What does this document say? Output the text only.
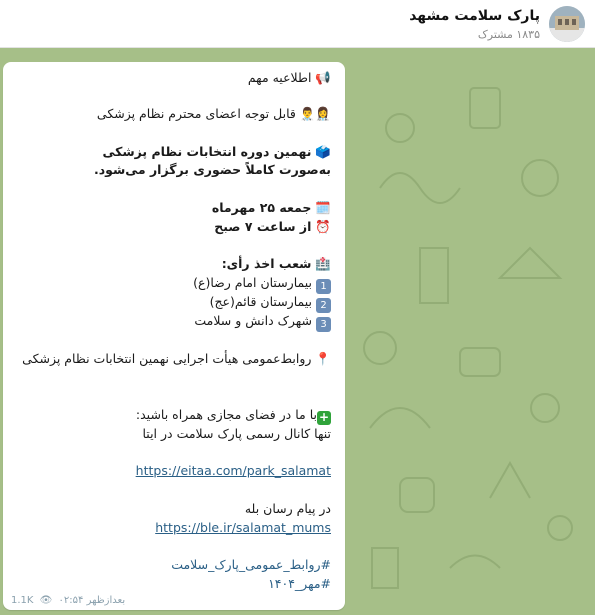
پارک سلامت مشهد
۱۸۳۵ مشترک
📢اطلاعیه مهم
👩‍⚕️👨‍⚕️قابل توجه اعضای محترم نظام پزشکی
🗳️نهمین دوره انتخابات نظام پزشکی
به‌صورت کاملاً حضوری برگزار می‌شود.
🗓️جمعه ۲۵ مهرماه
⏰از ساعت ۷ صبح
🏥شعب اخذ رأی:
1بیمارستان امام رضا(ع)
2بیمارستان قائم(عج)
3شهرک دانش و سلامت
📍روابط‌عمومی هیأت اجرایی نهمین انتخابات نظام پزشکی
+با ما در فضای مجازی همراه باشید:
تنها کانال رسمی پارک سلامت در ایتا
https://eitaa.com/park_salamat
در پیام رسان بله
https://ble.ir/salamat_mums
#روابط_عمومی_پارک_سلامت
#مهر_۱۴۰۴
1.1K 👁 ۰۲:۵۴ بعدازظهر
